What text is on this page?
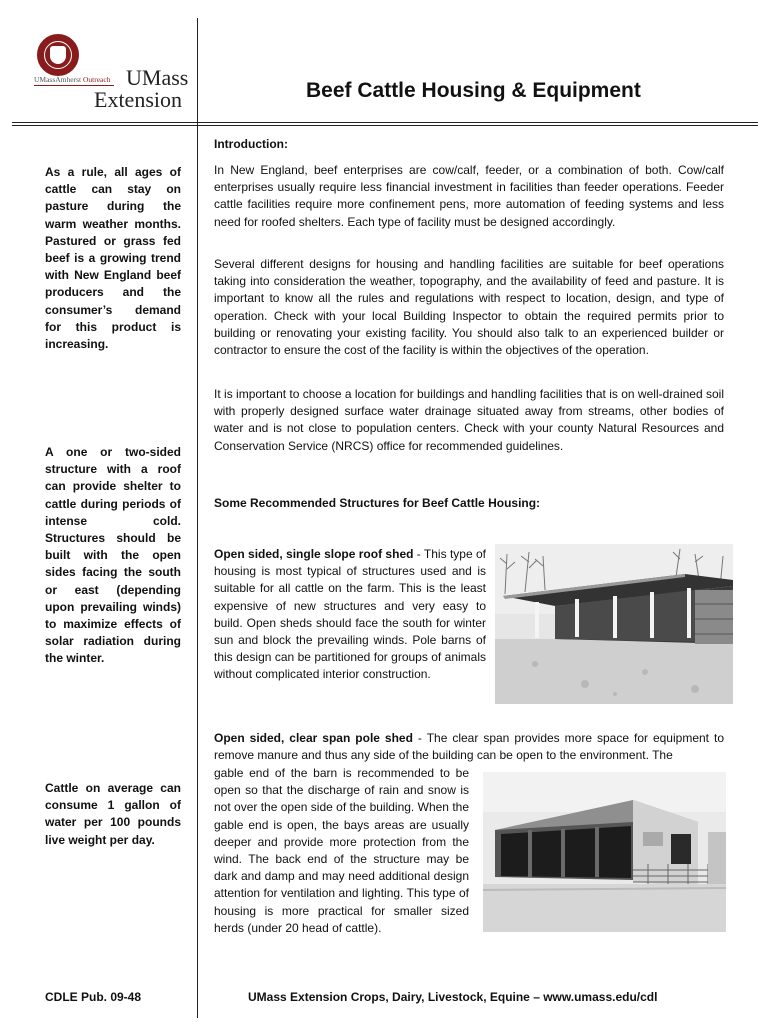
UMassAmherst Outreach UMass
Extension	Beef Cattle Housing & Equipment

As a rule, all ages of cattle can stay on pasture during the warm weather months. Pastured or grass fed beef is a growing trend with New England beef producers and the consumer’s demand for this product is increasing.

A one or two-sided structure with a roof can provide shelter to cattle during periods of intense cold. Structures should be built with the open sides facing the south or east (depending upon prevailing winds) to maximize effects of solar radiation during the winter.

Cattle on average can consume 1 gallon of water per 100 pounds live weight per day.

Introduction:

In New England, beef enterprises are cow/calf, feeder, or a combination of both. Cow/calf enterprises usually require less financial investment in facilities than feeder operations. Feeder cattle facilities require more confinement pens, more automation of feeding systems and less need for roofed shelters. Each type of facility must be designed accordingly.

Several different designs for housing and handling facilities are suitable for beef operations taking into consideration the weather, topography, and the availability of feed and pasture. It is important to know all the rules and regulations with respect to location, design, and type of operation. Check with your local Building Inspector to obtain the required permits prior to building or renovating your existing facility. You should also talk to an experienced builder or contractor to ensure the cost of the facility is within the objectives of the operation.

It is important to choose a location for buildings and handling facilities that is on well-drained soil with properly designed surface water drainage situated away from streams, other bodies of water and is not close to population centers. Check with your county Natural Resources and Conservation Service (NRCS) office for recommended guidelines.

Some Recommended Structures for Beef Cattle Housing:

Open sided, single slope roof shed - This type of housing is most typical of structures used and is suitable for all cattle on the farm. This is the least expensive of new structures and very easy to build. Open sheds should face the south for winter sun and block the prevailing winds. Pole barns of this design can be partitioned for groups of animals without complicated interior construction.

Open sided, clear span pole shed - The clear span provides more space for equipment to remove manure and thus any side of the building can be open to the environment. The

gable end of the barn is recommended to be open so that the discharge of rain and snow is not over the open side of the building. When the gable end is open, the bays areas are usually deeper and provide more protection from the wind. The back end of the structure may be dark and damp and may need additional design attention for ventilation and lighting. This type of housing is more practical for smaller sized herds (under 20 head of cattle).

CDLE Pub. 09-48	UMass Extension Crops, Dairy, Livestock, Equine – www.umass.edu/cdl
